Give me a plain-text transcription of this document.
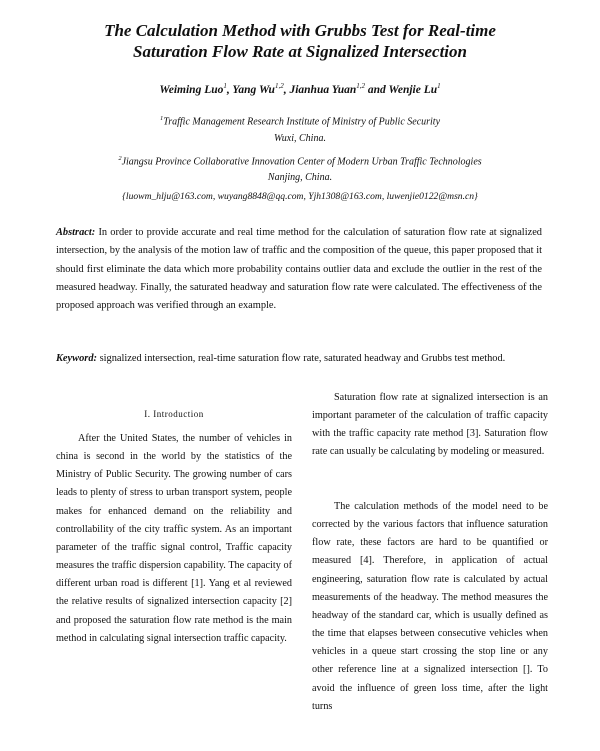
The Calculation Method with Grubbs Test for Real-time
Saturation Flow Rate at Signalized Intersection
Weiming Luo$^1$, Yang Wu$^{1,2}$, Jianhua Yuan$^{1,2}$ and Wenjie Lu$^1$
$^1$Traffic Management Research Institute of Ministry of Public Security
Wuxi, China.
$^2$Jiangsu Province Collaborative Innovation Center of Modern Urban Traffic Technologies
Nanjing, China.
{luowm_hlju@163.com, wuyang8848@qq.com, Yjh1308@163.com, luwenjie0122@msn.cn}

Abstract: In order to provide accurate and real time method for the calculation of saturation flow rate at signalized intersection, by the analysis of the motion law of traffic and the composition of the queue, this paper proposed that it should first eliminate the data which more probability contains outlier data and exclude the outlier in the rest of the measured headway. Finally, the saturated headway and saturation flow rate were calculated. The effectiveness of the proposed approach was verified through an example.

Keyword: signalized intersection, real-time saturation flow rate, saturated headway and Grubbs test method.

I. Introduction

After the United States, the number of vehicles in china is second in the world by the statistics of the Ministry of Public Security. The growing number of cars leads to plenty of stress to urban transport system, people makes for enhanced demand on the reliability and controllability of the city traffic system. As an important parameter of the traffic signal control, Traffic capacity measures the traffic dispersion capability. The capacity of different urban road is different [1]. Yang et al reviewed the relative results of signalized intersection capacity [2] and proposed the saturation flow rate method is the main method in calculating signal intersection traffic capacity.

Saturation flow rate at signalized intersection is an important parameter of the calculation of traffic capacity with the traffic capacity rate method [3]. Saturation flow rate can usually be calculating by modeling or measured.

The calculation methods of the model need to be corrected by the various factors that influence saturation flow rate, these factors are hard to be quantified or measured [4]. Therefore, in application of actual engineering, saturation flow rate is calculated by actual measurements of the headway. The method measures the headway of the standard car, which is usually defined as the time that elapses between consecutive vehicles when vehicles in a queue start crossing the stop line or any other reference line at a signalized intersection []. To avoid the influence of green loss time, after the light turns
